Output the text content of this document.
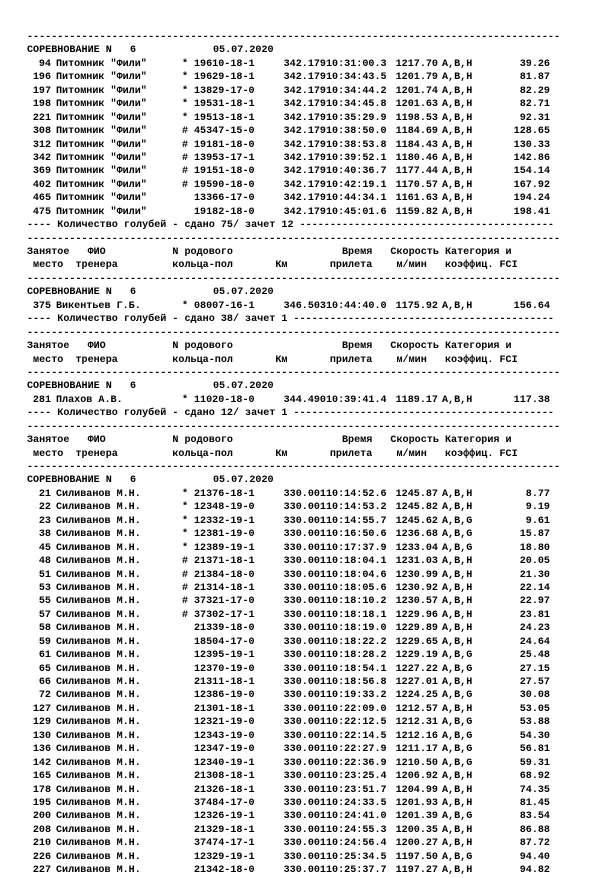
----------------------------------------------------------------------------------------
СОРЕВНОВАНИЕ N   6	05.07.2020
94 Питомник "Фили"	* 19610-18-1	342.17910:31:00.3 1217.70 A,B,H	39.26
196 Питомник "Фили"	* 19629-18-1	342.17910:34:43.5 1201.79 A,B,H	81.87
197 Питомник "Фили"	* 13829-17-0	342.17910:34:44.2 1201.74 A,B,H	82.29
198 Питомник "Фили"	* 19531-18-1	342.17910:34:45.8 1201.63 A,B,H	82.71
221 Питомник "Фили"	* 19513-18-1	342.17910:35:29.9 1198.53 A,B,H	92.31
308 Питомник "Фили"	# 45347-15-0	342.17910:38:50.0 1184.69 A,B,H	128.65
312 Питомник "Фили"	# 19181-18-0	342.17910:38:53.8 1184.43 A,B,H	130.33
342 Питомник "Фили"	# 13953-17-1	342.17910:39:52.1 1180.46 A,B,H	142.86
369 Питомник "Фили"	# 19151-18-0	342.17910:40:36.7 1177.44 A,B,H	154.14
402 Питомник "Фили"	# 19590-18-0	342.17910:42:19.1 1170.57 A,B,H	167.92
465 Питомник "Фили"	13366-17-0	342.17910:44:34.1 1161.63 A,B,H	194.24
475 Питомник "Фили"	19182-18-0	342.17910:45:01.6 1159.82 A,B,H	198.41
---- Количество голубей - сдано 75/ зачет 12 ------------------------------------------
----------------------------------------------------------------------------------------
Занятое   ФИО           N родового                  Время   Скорость Категория и
место  тренера         кольца-пол       Км       прилета    м/мин   коэффиц. FCI
----------------------------------------------------------------------------------------
СОРЕВНОВАНИЕ N   6	05.07.2020
375 Викентьев Г.Б.	* 08007-16-1	346.50310:44:40.0 1175.92 A,B,H	156.64
---- Количество голубей - сдано 38/ зачет 1 -------------------------------------------
----------------------------------------------------------------------------------------
Занятое   ФИО           N родового                  Время   Скорость Категория и
место  тренера         кольца-пол       Км       прилета    м/мин   коэффиц. FCI
----------------------------------------------------------------------------------------
СОРЕВНОВАНИЕ N   6	05.07.2020
281 Плахов А.В.	* 11020-18-0	344.49010:39:41.4 1189.17 A,B,H	117.38
---- Количество голубей - сдано 12/ зачет 1 -------------------------------------------
----------------------------------------------------------------------------------------
Занятое   ФИО           N родового                  Время   Скорость Категория и
место  тренера         кольца-пол       Км       прилета    м/мин   коэффиц. FCI
----------------------------------------------------------------------------------------
СОРЕВНОВАНИЕ N   6	05.07.2020
21 Силиванов М.Н.	* 21376-18-1	330.00110:14:52.6 1245.87 A,B,H	8.77
22 Силиванов М.Н.	* 12348-19-0	330.00110:14:53.2 1245.82 A,B,H	9.19
23 Силиванов М.Н.	* 12332-19-1	330.00110:14:55.7 1245.62 A,B,G	9.61
38 Силиванов М.Н.	* 12381-19-0	330.00110:16:50.6 1236.68 A,B,G	15.87
45 Силиванов М.Н.	* 12389-19-1	330.00110:17:37.9 1233.04 A,B,G	18.80
48 Силиванов М.Н.	# 21371-18-1	330.00110:18:04.1 1231.03 A,B,H	20.05
51 Силиванов М.Н.	# 21384-18-0	330.00110:18:04.6 1230.99 A,B,H	21.30
53 Силиванов М.Н.	# 21314-18-1	330.00110:18:05.6 1230.92 A,B,H	22.14
55 Силиванов М.Н.	# 37321-17-0	330.00110:18:10.2 1230.57 A,B,H	22.97
57 Силиванов М.Н.	# 37302-17-1	330.00110:18:18.1 1229.96 A,B,H	23.81
58 Силиванов М.Н.	21339-18-0	330.00110:18:19.0 1229.89 A,B,H	24.23
59 Силиванов М.Н.	18504-17-0	330.00110:18:22.2 1229.65 A,B,H	24.64
61 Силиванов М.Н.	12395-19-1	330.00110:18:28.2 1229.19 A,B,G	25.48
65 Силиванов М.Н.	12370-19-0	330.00110:18:54.1 1227.22 A,B,G	27.15
66 Силиванов М.Н.	21311-18-1	330.00110:18:56.8 1227.01 A,B,H	27.57
72 Силиванов М.Н.	12386-19-0	330.00110:19:33.2 1224.25 A,B,G	30.08
127 Силиванов М.Н.	21301-18-1	330.00110:22:09.0 1212.57 A,B,H	53.05
129 Силиванов М.Н.	12321-19-0	330.00110:22:12.5 1212.31 A,B,G	53.88
130 Силиванов М.Н.	12343-19-0	330.00110:22:14.5 1212.16 A,B,G	54.30
136 Силиванов М.Н.	12347-19-0	330.00110:22:27.9 1211.17 A,B,G	56.81
142 Силиванов М.Н.	12340-19-1	330.00110:22:36.9 1210.50 A,B,G	59.31
165 Силиванов М.Н.	21308-18-1	330.00110:23:25.4 1206.92 A,B,H	68.92
178 Силиванов М.Н.	21326-18-1	330.00110:23:51.7 1204.99 A,B,H	74.35
195 Силиванов М.Н.	37484-17-0	330.00110:24:33.5 1201.93 A,B,H	81.45
200 Силиванов М.Н.	12326-19-1	330.00110:24:41.0 1201.39 A,B,G	83.54
208 Силиванов М.Н.	21329-18-1	330.00110:24:55.3 1200.35 A,B,H	86.88
210 Силиванов М.Н.	37474-17-1	330.00110:24:56.4 1200.27 A,B,H	87.72
226 Силиванов М.Н.	12329-19-1	330.00110:25:34.5 1197.50 A,B,G	94.40
227 Силиванов М.Н.	21342-18-0	330.00110:25:37.7 1197.27 A,B,H	94.82
